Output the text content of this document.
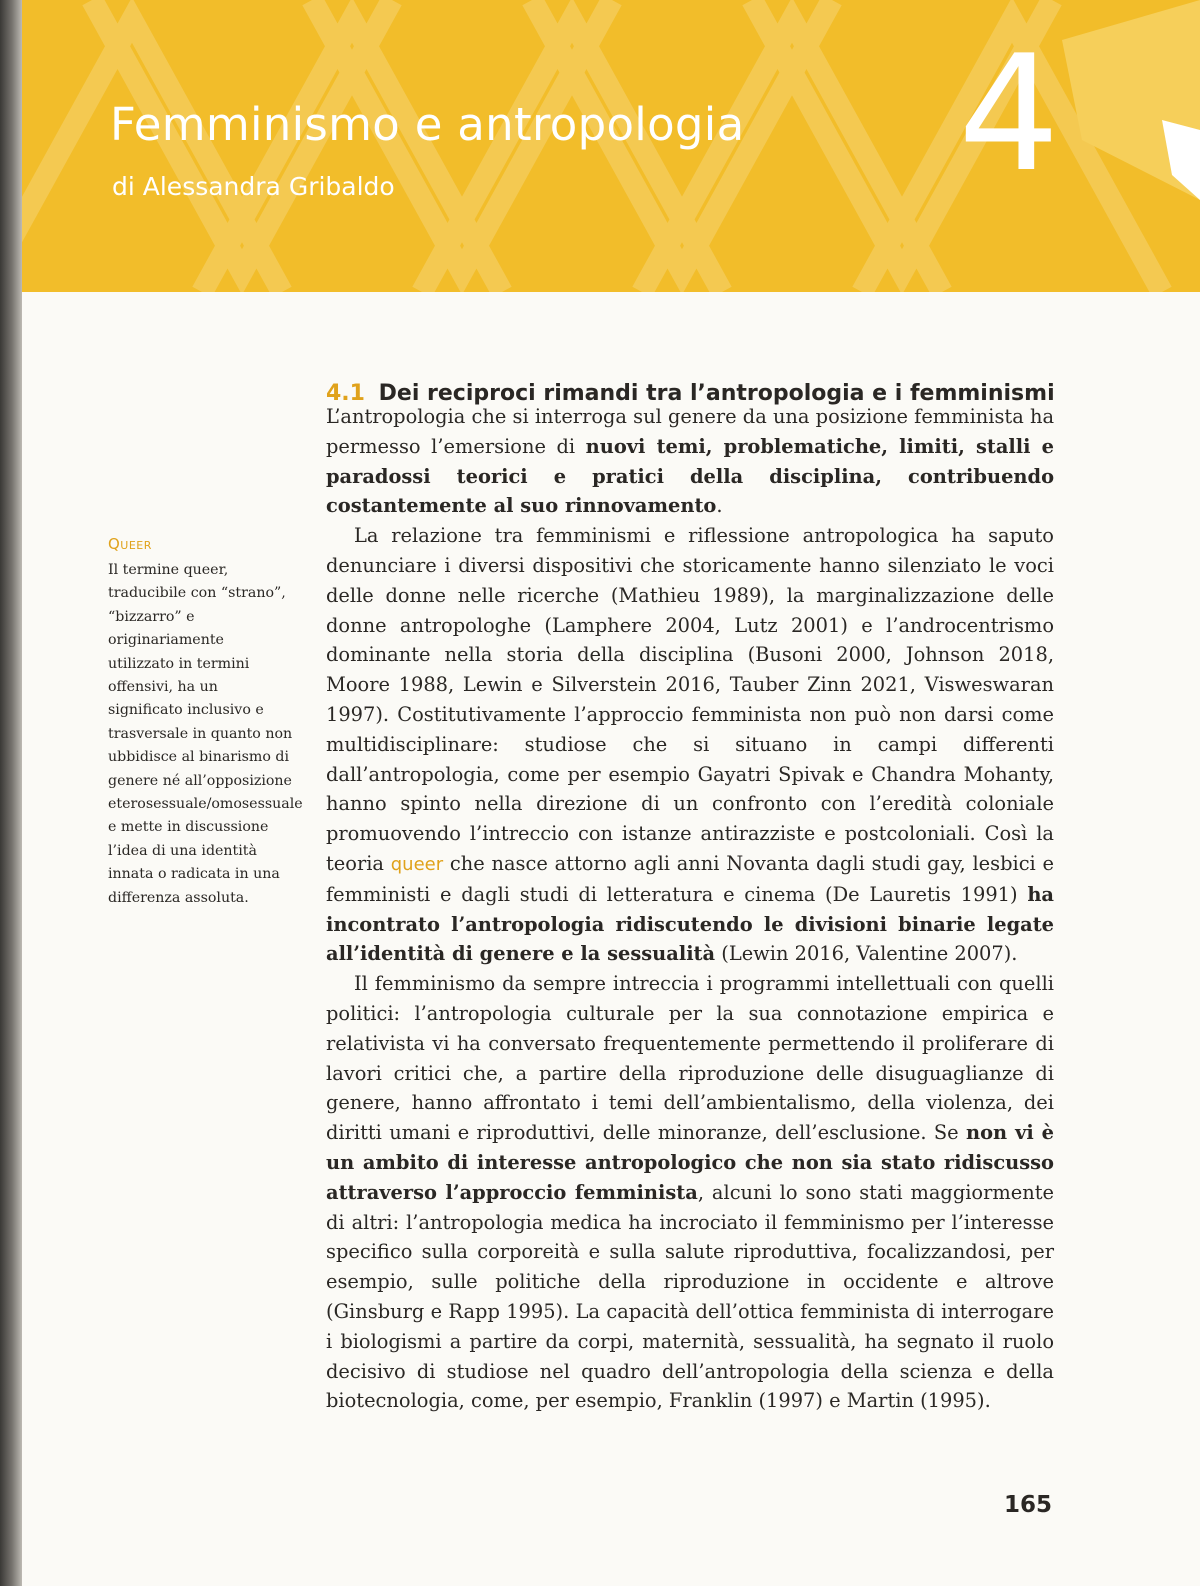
Femminismo e antropologia

di Alessandra Gribaldo	4
4.1 Dei reciproci rimandi tra l’antropologia e i femminismi

Queer

Il termine queer, traducibile con “strano”, “bizzarro” e originariamente utilizzato in termini offensivi, ha un significato inclusivo e trasversale in quanto non ubbidisce al binarismo di genere né all’opposizione eterosessuale/omosessuale e mette in discussione l’idea di una identità innata o radicata in una differenza assoluta.

L’antropologia che si interroga sul genere da una posizione femminista ha permesso l’emersione di nuovi temi, problematiche, limiti, stalli e paradossi teorici e pratici della disciplina, contribuendo costantemente al suo rinnovamento.

La relazione tra femminismi e riflessione antropologica ha saputo denunciare i diversi dispositivi che storicamente hanno silenziato le voci delle donne nelle ricerche (Mathieu 1989), la marginalizzazione delle donne antropologhe (Lamphere 2004, Lutz 2001) e l’androcentrismo dominante nella storia della disciplina (Busoni 2000, Johnson 2018, Moore 1988, Lewin e Silverstein 2016, Tauber Zinn 2021, Visweswaran 1997). Costitutivamente l’approccio femminista non può non darsi come multidisciplinare: studiose che si situano in campi differenti dall’antropologia, come per esempio Gayatri Spivak e Chandra Mohanty, hanno spinto nella direzione di un confronto con l’eredità coloniale promuovendo l’intreccio con istanze antirazziste e postcoloniali. Così la teoria queer che nasce attorno agli anni Novanta dagli studi gay, lesbici e femministi e dagli studi di letteratura e cinema (De Lauretis 1991) ha incontrato l’antropologia ridiscutendo le divisioni binarie legate all’identità di genere e la sessualità (Lewin 2016, Valentine 2007).

Il femminismo da sempre intreccia i programmi intellettuali con quelli politici: l’antropologia culturale per la sua connotazione empirica e relativista vi ha conversato frequentemente permettendo il proliferare di lavori critici che, a partire della riproduzione delle disuguaglianze di genere, hanno affrontato i temi dell’ambientalismo, della violenza, dei diritti umani e riproduttivi, delle minoranze, dell’esclusione. Se non vi è un ambito di interesse antropologico che non sia stato ridiscusso attraverso l’approccio femminista, alcuni lo sono stati maggiormente di altri: l’antropologia medica ha incrociato il femminismo per l’interesse specifico sulla corporeità e sulla salute riproduttiva, focalizzandosi, per esempio, sulle politiche della riproduzione in occidente e altrove (Ginsburg e Rapp 1995). La capacità dell’ottica femminista di interrogare i biologismi a partire da corpi, maternità, sessualità, ha segnato il ruolo decisivo di studiose nel quadro dell’antropologia della scienza e della biotecnologia, come, per esempio, Franklin (1997) e Martin (1995).

165
